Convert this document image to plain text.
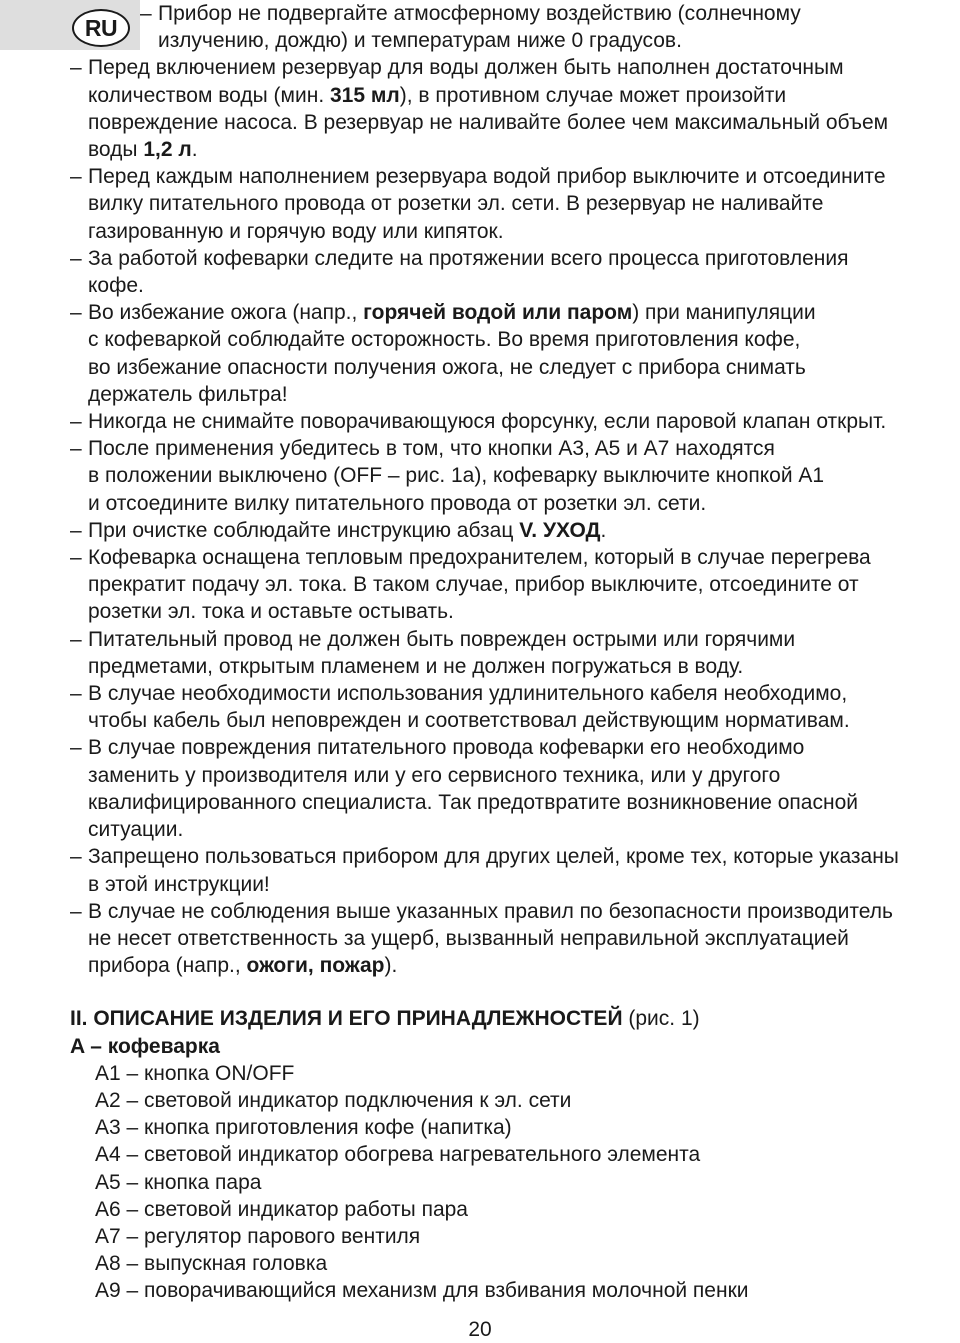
RU
– Прибор не подвергайте атмосферному воздействию (солнечному
излучению, дождю) и температурам ниже 0 градусов.
– Перед включением резервуар для воды должен быть наполнен достаточным
количеством воды (мин. 315 мл), в противном случае может произойти
повреждение насоса. В резервуар не наливайте более чем максимальный объем
воды 1,2 л.
– Перед каждым наполнением резервуара водой прибор выключите и отсоедините
вилку питательного провода от розетки эл. сети. В резервуар не наливайте
газированную и горячую воду или кипяток.
– За работой кофеварки следите на протяжении всего процесса приготовления
кофе.
– Во избежание ожога (напр., горячей водой или паром) при манипуляции
с кофеваркой соблюдайте осторожность. Во время приготовления кофе,
во избежание опасности получения ожога, не следует с прибора снимать
держатель фильтра!
– Никогда не снимайте поворачивающуюся форсунку, если паровой клапан открыт.
– После применения убедитесь в том, что кнопки A3, A5 и A7 находятся
в положении выключено (OFF – рис. 1a), кофеварку выключите кнопкой A1
и отсоедините вилку питательного провода от розетки эл. сети.
– При очистке соблюдайте инструкцию абзац V. УХОД.
– Кофеварка оснащена тепловым предохранителем, который в случае перегрева
прекратит подачу эл. тока. В таком случае, прибор выключите, отсоедините от
розетки эл. тока и оставьте остывать.
– Питательный провод не должен быть поврежден острыми или горячими
предметами, открытым пламенем и не должен погружаться в воду.
– В случае необходимости использования удлинительного кабеля необходимо,
чтобы кабель был неповрежден и соответствовал действующим нормативам.
– В случае повреждения питательного провода кофеварки его необходимо
заменить у производителя или у его сервисного техника, или у другого
квалифицированного специалиста. Так предотвратите возникновение опасной
ситуации.
– Запрещено пользоваться прибором для других целей, кроме тех, которые указаны
в этой инструкции!
– В случае не соблюдения выше указанных правил по безопасности производитель
не несет ответственность за ущерб, вызванный неправильной эксплуатацией
прибора (напр., ожоги, пожар).
II. ОПИСАНИЕ ИЗДЕЛИЯ И ЕГО ПРИНАДЛЕЖНОСТЕЙ (рис. 1)
A – кофеварка
A1 – кнопка ON/OFF
A2 – световой индикатор подключения к эл. сети
A3 – кнопка приготовления кофе (напитка)
A4 – световой индикатор обогрева нагревательного элемента
A5 – кнопка пара
A6 – световой индикатор работы пара
A7 – регулятор парового вентиля
A8 – выпускная головка
A9 – поворачивающийся механизм для взбивания молочной пенки
20
